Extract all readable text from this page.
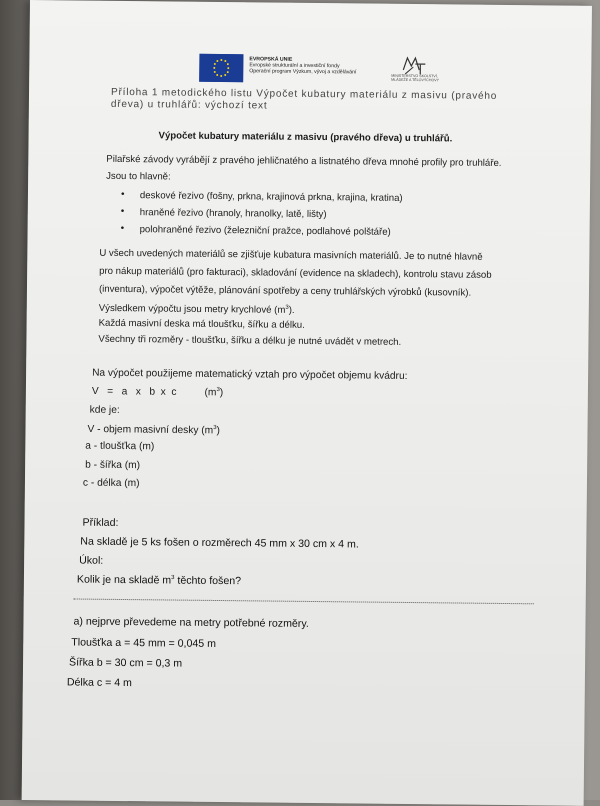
EVROPSKÁ UNIE
Evropské strukturální a investiční fondy
Operační program Výzkum, vývoj a vzdělávání
MINISTERSTVO ŠKOLSTVÍ,
MLÁDEŽE A TĚLOVÝCHOVY
Příloha 1 metodického listu Výpočet kubatury materiálu z masivu (pravého
dřeva) u truhlářů: výchozí text
Výpočet kubatury materiálu z masivu (pravého dřeva) u truhlářů.
Pilařské závody vyrábějí z pravého jehličnatého a listnatého dřeva mnohé profily pro truhláře.
Jsou to hlavně:
• deskové řezivo (fošny, prkna, krajinová prkna, krajina, kratina)
• hraněné řezivo (hranoly, hranolky, latě, lišty)
• polohraněné řezivo (železniční pražce, podlahové polštáře)
U všech uvedených materiálů se zjišťuje kubatura masivních materiálů. Je to nutné hlavně
pro nákup materiálů (pro fakturaci), skladování (evidence na skladech), kontrolu stavu zásob
(inventura), výpočet výtěže, plánování spotřeby a ceny truhlářských výrobků (kusovník).
Výsledkem výpočtu jsou metry krychlové $(m^3)$.
Každá masivní deska má tloušťku, šířku a délku.
Všechny tři rozměry - tloušťku, šířku a délku je nutné uvádět v metrech.
Na výpočet použijeme matematický vztah pro výpočet objemu kvádru:
V   =   a   x   b  x  c	$(m^3)$
kde je:
V - objem masivní desky $(m^3)$
a - tloušťka (m)
b - šířka (m)
c - délka (m)
Příklad:
Na skladě je 5 ks fošen o rozměrech 45 mm x 30 cm x 4 m.
Úkol:
Kolik je na skladě $m^3$ těchto fošen?
a) nejprve převedeme na metry potřebné rozměry.
Tloušťka a = 45 mm = 0,045 m
Šířka b = 30 cm = 0,3 m
Délka c = 4 m
